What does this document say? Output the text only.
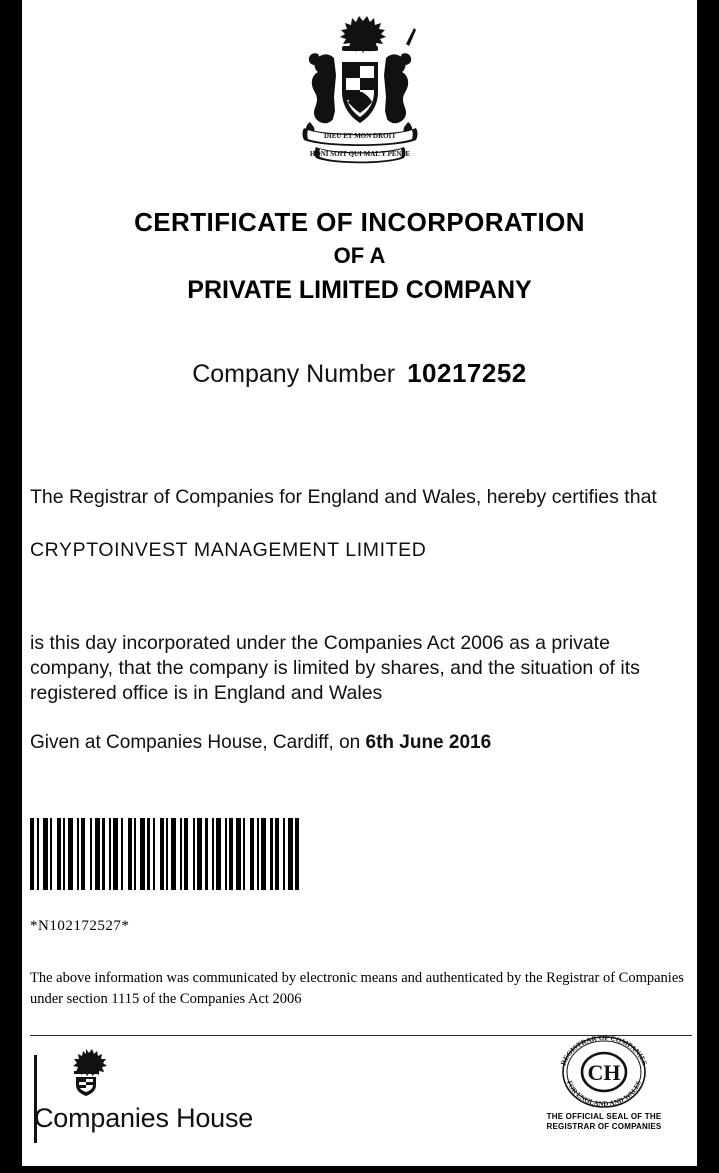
DIEU ET MON DROIT
HONI SOIT QUI MAL Y PENSE
CERTIFICATE OF INCORPORATION
OF A
PRIVATE LIMITED COMPANY
Company Number 10217252

The Registrar of Companies for England and Wales, hereby certifies that

CRYPTOINVEST MANAGEMENT LIMITED

is this day incorporated under the Companies Act 2006 as a private company, that the company is limited by shares, and the situation of its registered office is in England and Wales

Given at Companies House, Cardiff, on 6th June 2016

*N102172527*
The above information was communicated by electronic means and authenticated by the Registrar of Companies under section 1115 of the Companies Act 2006
Companies House
REGISTRAR OF COMPANIES
FOR ENGLAND AND WALES
CH
THE OFFICIAL SEAL OF THE
REGISTRAR OF COMPANIES
